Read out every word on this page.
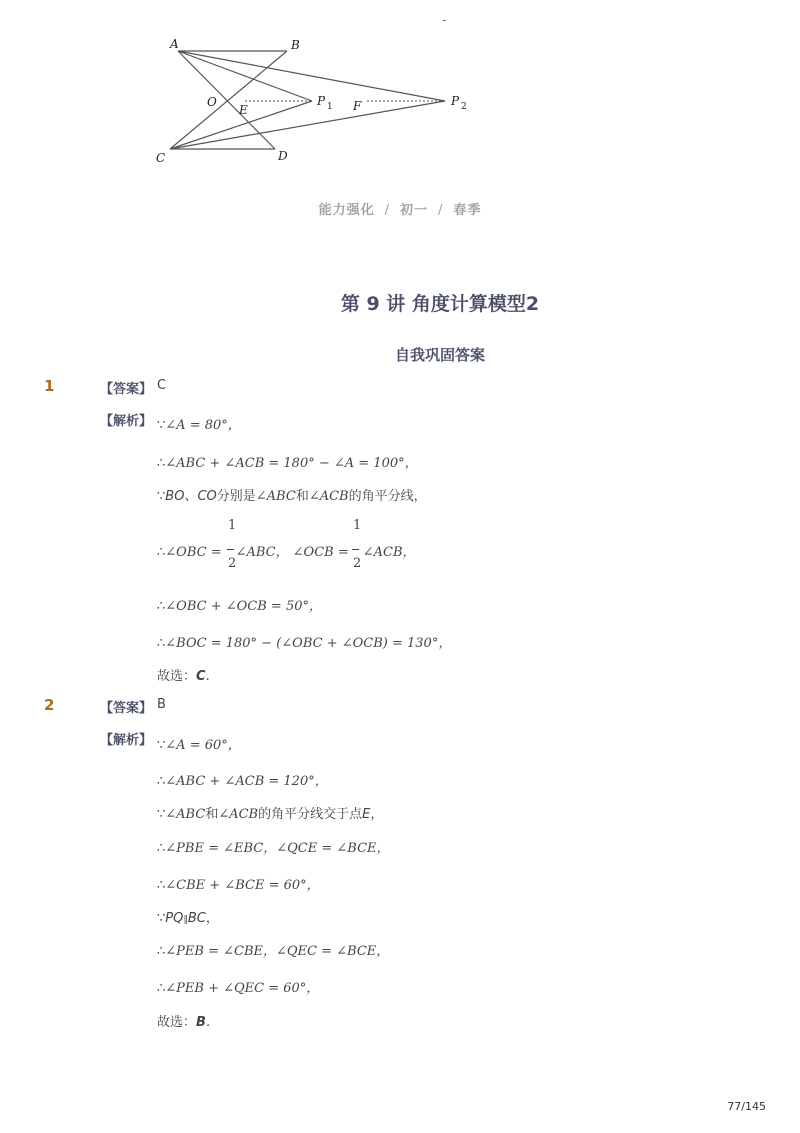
A	B
O
E
P 1 F	P 2
C	D
能力强化 / 初一 / 春季
第 9 讲 角度计算模型2
自我巩固答案
1	【答案】 C
【解析】 ∵∠A = 80°，
∴∠ABC + ∠ACB = 180° − ∠A = 100°，
∵BO、CO分别是∠ABC和∠ACB的角平分线，
1
2
1
2
∴∠OBC = ∠ABC， ∠OCB = ∠ACB，
∴∠OBC + ∠OCB = 50°，
∴∠BOC = 180° − (∠OBC + ∠OCB) = 130°，
故选：C.
2	【答案】 B
【解析】 ∵∠A = 60°，
∴∠ABC + ∠ACB = 120°，
∵∠ABC和∠ACB的角平分线交于点E，
∴∠PBE = ∠EBC，∠QCE = ∠BCE，
∴∠CBE + ∠BCE = 60°，
∵PQ∥BC，
∴∠PEB = ∠CBE，∠QEC = ∠BCE，
∴∠PEB + ∠QEC = 60°，
故选：B.
77/145
